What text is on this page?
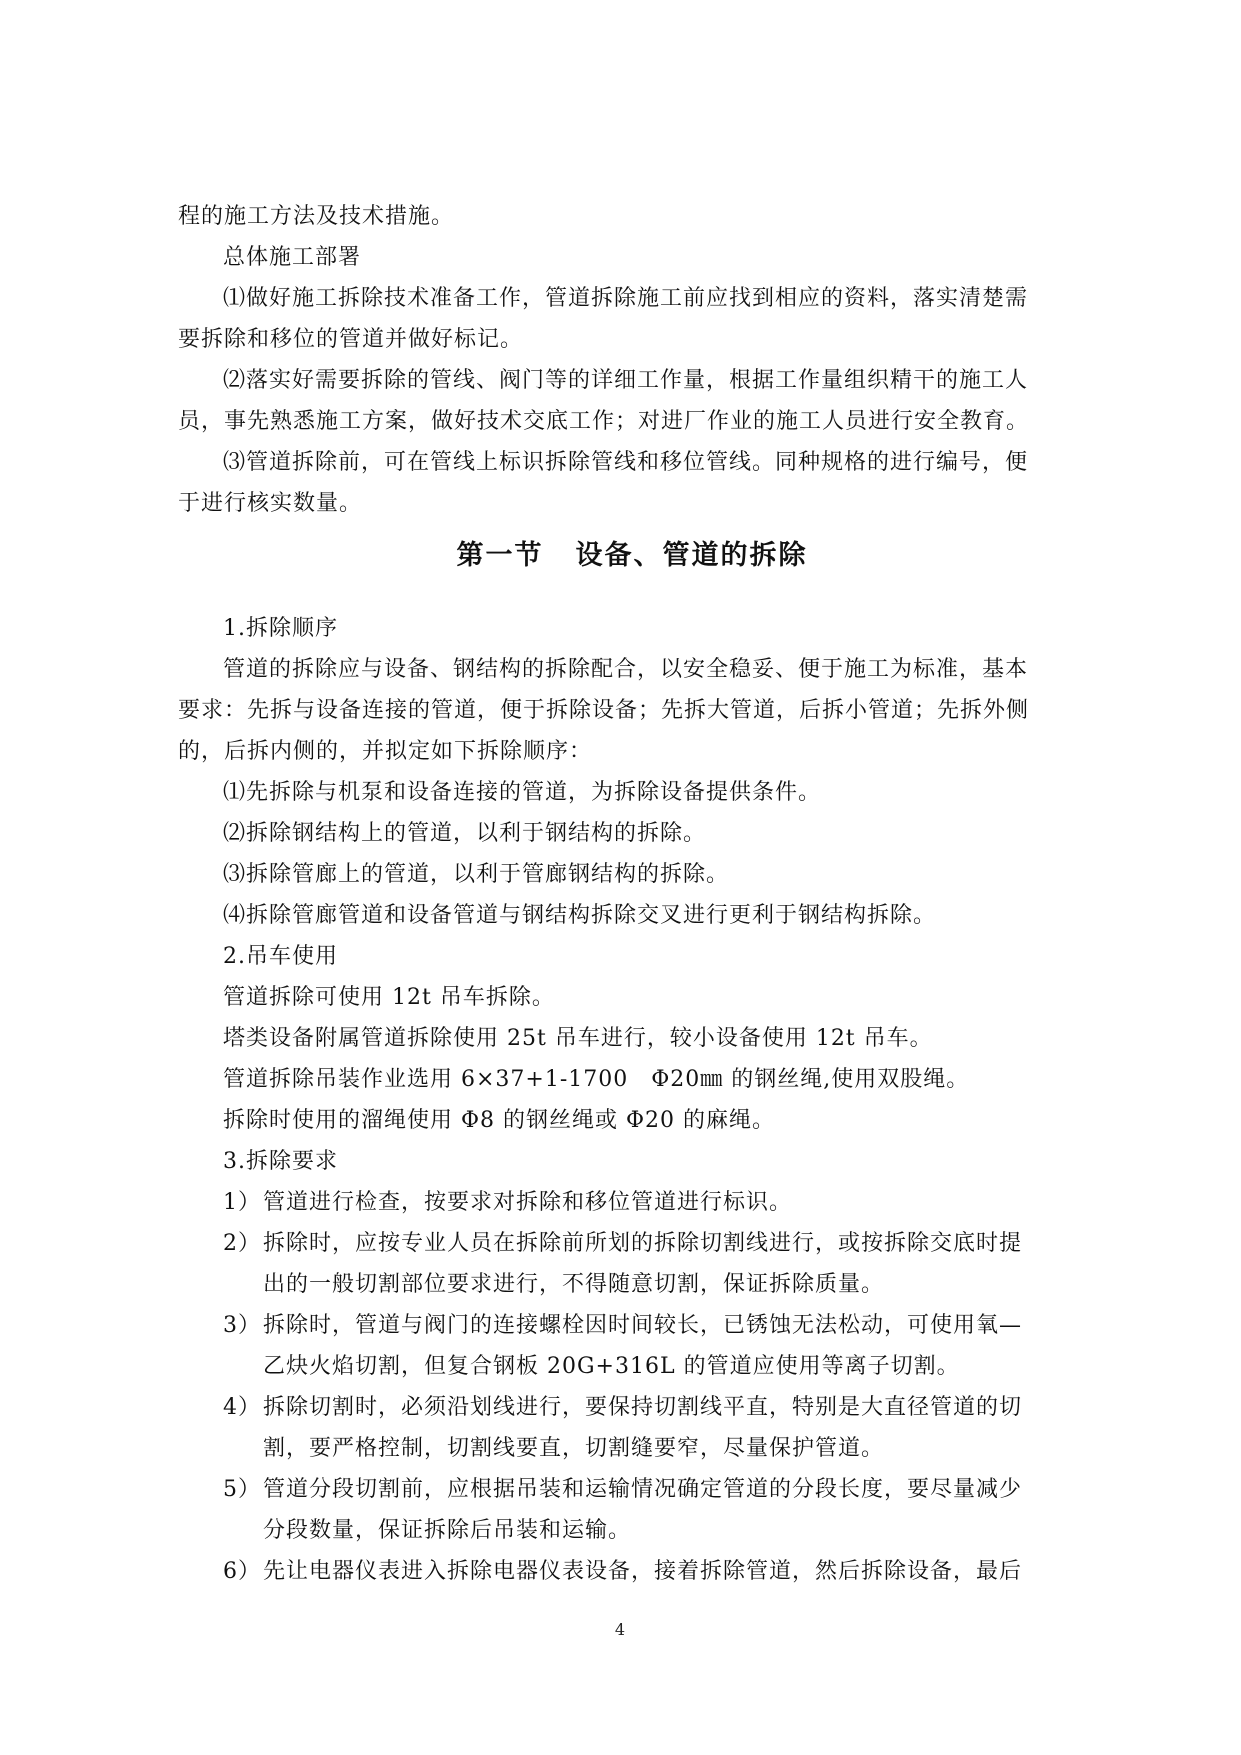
程的施工方法及技术措施。

总体施工部署

⑴做好施工拆除技术准备工作，管道拆除施工前应找到相应的资料，落实清楚需

要拆除和移位的管道并做好标记。

⑵落实好需要拆除的管线、阀门等的详细工作量，根据工作量组织精干的施工人

员，事先熟悉施工方案，做好技术交底工作；对进厂作业的施工人员进行安全教育。

⑶管道拆除前，可在管线上标识拆除管线和移位管线。同种规格的进行编号，便

于进行核实数量。

第一节 设备、管道的拆除

1.拆除顺序

管道的拆除应与设备、钢结构的拆除配合，以安全稳妥、便于施工为标准，基本

要求：先拆与设备连接的管道，便于拆除设备；先拆大管道，后拆小管道；先拆外侧

的，后拆内侧的，并拟定如下拆除顺序：

⑴先拆除与机泵和设备连接的管道，为拆除设备提供条件。

⑵拆除钢结构上的管道，以利于钢结构的拆除。

⑶拆除管廊上的管道，以利于管廊钢结构的拆除。

⑷拆除管廊管道和设备管道与钢结构拆除交叉进行更利于钢结构拆除。

2.吊车使用

管道拆除可使用 12t 吊车拆除。

塔类设备附属管道拆除使用 25t 吊车进行，较小设备使用 12t 吊车。

管道拆除吊装作业选用 6×37+1-1700　Φ20㎜ 的钢丝绳,使用双股绳。

拆除时使用的溜绳使用 Φ8 的钢丝绳或 Φ20 的麻绳。

3.拆除要求

1） 管道进行检查，按要求对拆除和移位管道进行标识。

2） 拆除时，应按专业人员在拆除前所划的拆除切割线进行，或按拆除交底时提

出的一般切割部位要求进行，不得随意切割，保证拆除质量。

3） 拆除时，管道与阀门的连接螺栓因时间较长，已锈蚀无法松动，可使用氧—

乙炔火焰切割，但复合钢板 20G+316L 的管道应使用等离子切割。

4） 拆除切割时，必须沿划线进行，要保持切割线平直，特别是大直径管道的切

割，要严格控制，切割线要直，切割缝要窄，尽量保护管道。

5） 管道分段切割前，应根据吊装和运输情况确定管道的分段长度，要尽量减少

分段数量，保证拆除后吊装和运输。

6） 先让电器仪表进入拆除电器仪表设备，接着拆除管道，然后拆除设备，最后

4
